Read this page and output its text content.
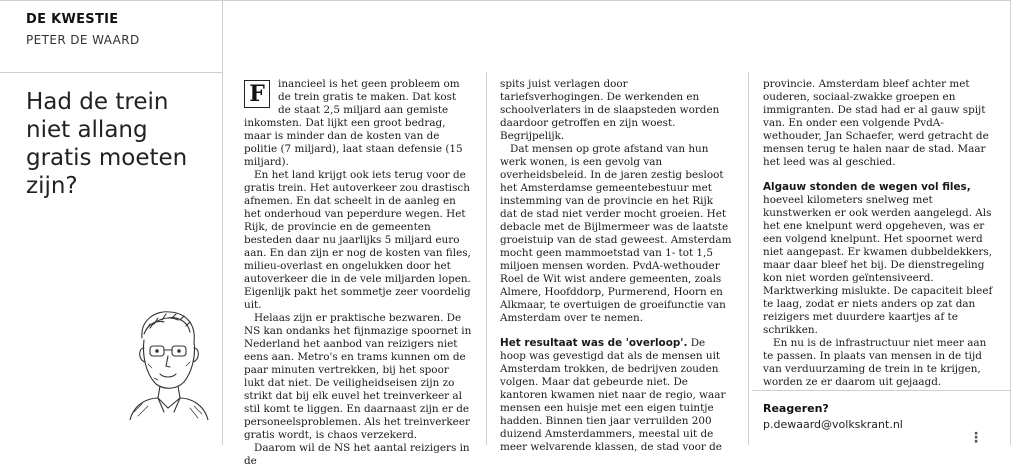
DE KWESTIE
PETER DE WAARD
Had de trein niet allang gratis moeten zijn?
F	inancieel is het geen probleem om de trein gratis te maken. Dat kost de staat 2,5 miljard aan gemiste inkomsten. Dat lijkt een groot bedrag, maar is minder dan de kosten van de politie (7 miljard), laat staan defensie (15 miljard).

En het land krijgt ook iets terug voor de gratis trein. Het autoverkeer zou drastisch afnemen. En dat scheelt in de aanleg en het onderhoud van peperdure wegen. Het Rijk, de provincie en de gemeenten besteden daar nu jaarlijks 5 miljard euro aan. En dan zijn er nog de kosten van files, milieu-overlast en ongelukken door het autoverkeer die in de vele miljarden lopen. Eigenlijk pakt het sommetje zeer voordelig uit.

Helaas zijn er praktische bezwaren. De NS kan ondanks het fijnmazige spoornet in Nederland het aanbod van reizigers niet eens aan. Metro's en trams kunnen om de paar minuten vertrekken, bij het spoor lukt dat niet. De veiligheidseisen zijn zo strikt dat bij elk euvel het treinverkeer al stil komt te liggen. En daarnaast zijn er de personeelsproblemen. Als het treinverkeer gratis wordt, is chaos verzekerd.

Daarom wil de NS het aantal reizigers in de

spits juist verlagen door tariefsverhogingen. De werkenden en schoolverlaters in de slaapsteden worden daardoor getroffen en zijn woest. Begrijpelijk.

Dat mensen op grote afstand van hun werk wonen, is een gevolg van overheidsbeleid. In de jaren zestig besloot het Amsterdamse gemeentebestuur met instemming van de provincie en het Rijk dat de stad niet verder mocht groeien. Het debacle met de Bijlmermeer was de laatste groeistuip van de stad geweest. Amsterdam mocht geen mammoetstad van 1- tot 1,5 miljoen mensen worden. PvdA-wethouder Roel de Wit wist andere gemeenten, zoals Almere, Hoofddorp, Purmerend, Hoorn en Alkmaar, te overtuigen de groeifunctie van Amsterdam over te nemen.

Het resultaat was de 'overloop'. De hoop was gevestigd dat als de mensen uit Amsterdam trokken, de bedrijven zouden volgen. Maar dat gebeurde niet. De kantoren kwamen niet naar de regio, waar mensen een huisje met een eigen tuintje hadden. Binnen tien jaar verruilden 200 duizend Amsterdammers, meestal uit de meer welvarende klassen, de stad voor de

provincie. Amsterdam bleef achter met ouderen, sociaal-zwakke groepen en immigranten. De stad had er al gauw spijt van. En onder een volgende PvdA-wethouder, Jan Schaefer, werd getracht de mensen terug te halen naar de stad. Maar het leed was al geschied.

Algauw stonden de wegen vol files, hoeveel kilometers snelweg met kunstwerken er ook werden aangelegd. Als het ene knelpunt werd opgeheven, was er een volgend knelpunt. Het spoornet werd niet aangepast. Er kwamen dubbeldekkers, maar daar bleef het bij. De dienstregeling kon niet worden geïntensiveerd. Marktwerking mislukte. De capaciteit bleef te laag, zodat er niets anders op zat dan reizigers met duurdere kaartjes af te schrikken.

En nu is de infrastructuur niet meer aan te passen. In plaats van mensen in de tijd van verduurzaming de trein in te krijgen, worden ze er daarom uit gejaagd.

Reageren?
p.dewaard@volkskrant.nl
⋮
